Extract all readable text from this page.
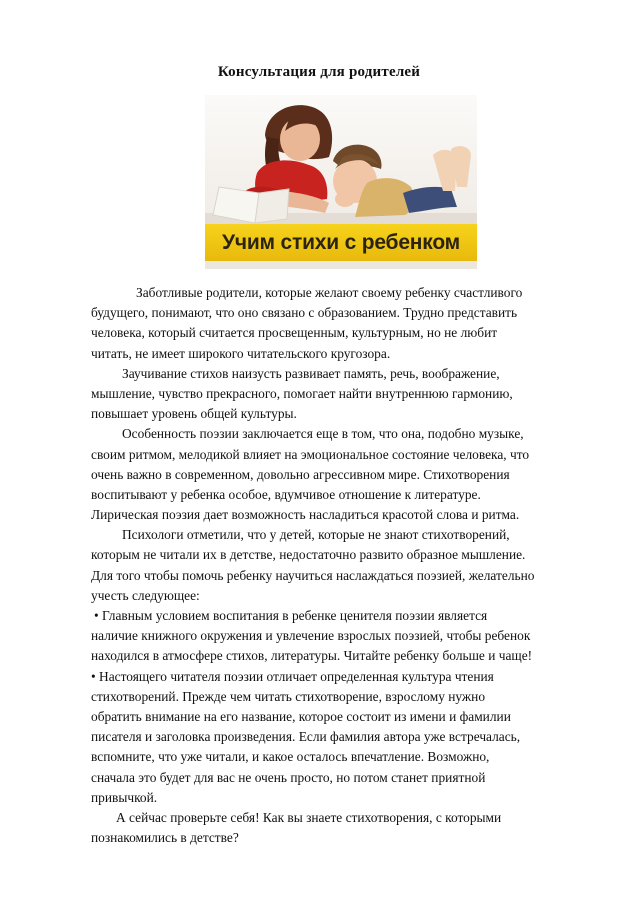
Консультация для родителей
Учим стихи с ребенком
Заботливые родители, которые желают своему ребенку счастливого
будущего, понимают, что оно связано с образованием. Трудно представить
человека, который считается просвещенным, культурным, но не любит
читать, не имеет широкого читательского кругозора.
Заучивание стихов наизусть развивает память, речь, воображение,
мышление, чувство прекрасного, помогает найти внутреннюю гармонию,
повышает уровень общей культуры.
Особенность поэзии заключается еще в том, что она, подобно музыке,
своим ритмом, мелодикой влияет на эмоциональное состояние человека, что
очень важно в современном, довольно агрессивном мире. Стихотворения
воспитывают у ребенка особое, вдумчивое отношение к литературе.
Лирическая поэзия дает возможность насладиться красотой слова и ритма.
Психологи отметили, что у детей, которые не знают стихотворений,
которым не читали их в детстве, недостаточно развито образное мышление.
Для того чтобы помочь ребенку научиться наслаждаться поэзией, желательно
учесть следующее:
• Главным условием воспитания в ребенке ценителя поэзии является
наличие книжного окружения и увлечение взрослых поэзией, чтобы ребенок
находился в атмосфере стихов, литературы. Читайте ребенку больше и чаще!
• Настоящего читателя поэзии отличает определенная культура чтения
стихотворений. Прежде чем читать стихотворение, взрослому нужно
обратить внимание на его название, которое состоит из имени и фамилии
писателя и заголовка произведения. Если фамилия автора уже встречалась,
вспомните, что уже читали, и какое осталось впечатление. Возможно,
сначала это будет для вас не очень просто, но потом станет приятной
привычкой.
А сейчас проверьте себя! Как вы знаете стихотворения, с которыми
познакомились в детстве?
